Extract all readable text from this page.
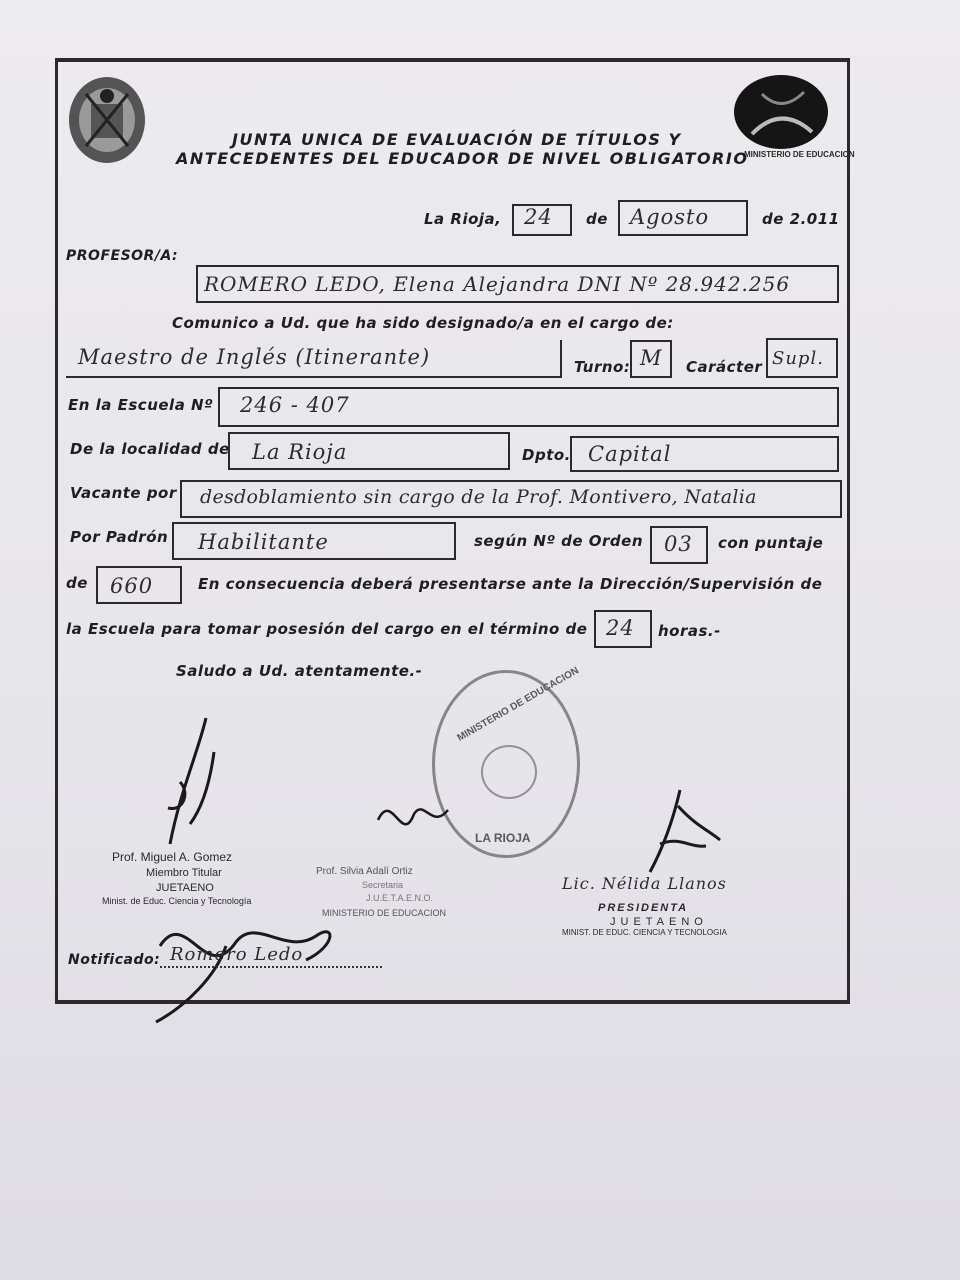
MINISTERIO DE EDUCACION
JUNTA UNICA DE EVALUACIÓN DE TÍTULOS Y
ANTECEDENTES DEL EDUCADOR DE NIVEL OBLIGATORIO
La Rioja, 24 de Agosto	de 2.011
PROFESOR/A:
ROMERO LEDO, Elena Alejandra DNI Nº 28.942.256
Comunico a Ud. que ha sido designado/a en el cargo de:
Maestro de Inglés (Itinerante)	Turno: M Carácter Supl.
En la Escuela Nº 246 - 407
De la localidad de La Rioja	Dpto. Capital
Vacante por desdoblamiento sin cargo de la Prof. Montivero, Natalia
Por Padrón Habilitante	según Nº de Orden 03 con puntaje
de 660	En consecuencia deberá presentarse ante la Dirección/Supervisión de
la Escuela para tomar posesión del cargo en el término de 24 horas.-
Saludo a Ud. atentamente.-	MINISTERIO DE EDUCACION
LA RIOJA
Prof. Miguel A. Gomez
Miembro Titular
JUETAENO
Minist. de Educ. Ciencia y Tecnología
Prof. Silvia Adalí Ortiz
Secretaria
J.U.E.T.A.E.N.O.
MINISTERIO DE EDUCACION
Lic. Nélida Llanos
PRESIDENTA
JUETAENO
MINIST. DE EDUC. CIENCIA Y TECNOLOGIA
Notificado: Romero Ledo
